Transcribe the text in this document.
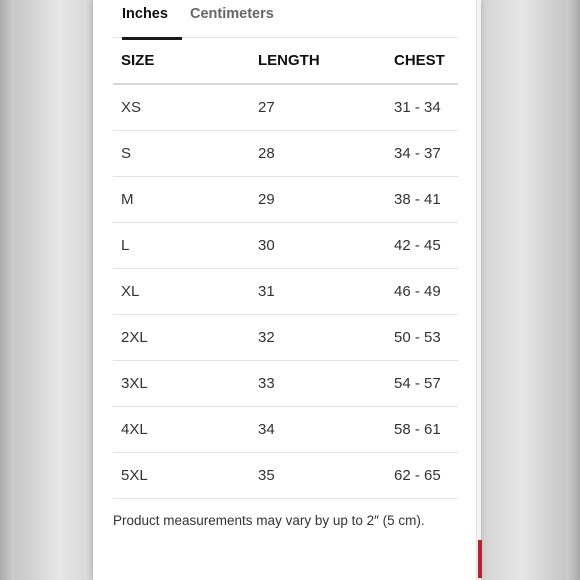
Inches Centimeters
SIZE	LENGTH	CHEST
XS	27	31 - 34
S	28	34 - 37
M	29	38 - 41
L	30	42 - 45
XL	31	46 - 49
2XL	32	50 - 53
3XL	33	54 - 57
4XL	34	58 - 61
5XL	35	62 - 65
Product measurements may vary by up to 2″ (5 cm).
